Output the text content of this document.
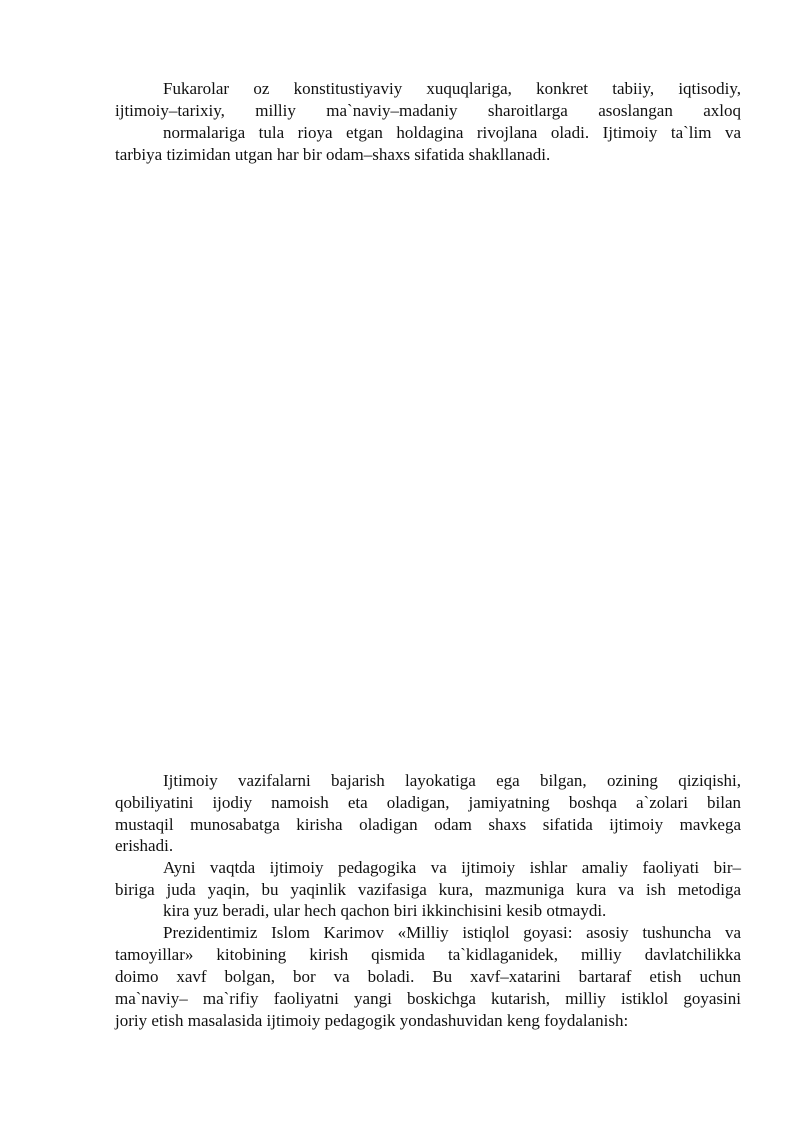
Fukarolar oz konstitustiyaviy xuquqlariga, konkret tabiiy, iqtisodiy,
ijtimoiy–tarixiy, milliy ma`naviy–madaniy sharoitlarga asoslangan axloq
normalariga tula rioya etgan holdagina rivojlana oladi. Ijtimoiy ta`lim va
tarbiya tizimidan utgan har bir odam–shaxs sifatida shakllanadi.
Ijtimoiy vazifalarni bajarish layokatiga ega bilgan, ozining qiziqishi,
qobiliyatini ijodiy namoish eta oladigan, jamiyatning boshqa a`zolari bilan
mustaqil munosabatga kirisha oladigan odam shaxs sifatida ijtimoiy mavkega
erishadi.
Ayni vaqtda ijtimoiy pedagogika va ijtimoiy ishlar amaliy faoliyati bir–
biriga juda yaqin, bu yaqinlik vazifasiga kura, mazmuniga kura va ish metodiga
kira yuz beradi, ular hech qachon biri ikkinchisini kesib otmaydi.
Prezidentimiz Islom Karimov «Milliy istiqlol goyasi: asosiy tushuncha va
tamoyillar» kitobining kirish qismida ta`kidlaganidek, milliy davlatchilikka
doimo xavf bolgan, bor va boladi. Bu xavf–xatarini bartaraf etish uchun
ma`naviy– ma`rifiy faoliyatni yangi boskichga kutarish, milliy istiklol goyasini
joriy etish masalasida ijtimoiy pedagogik yondashuvidan keng foydalanish:
